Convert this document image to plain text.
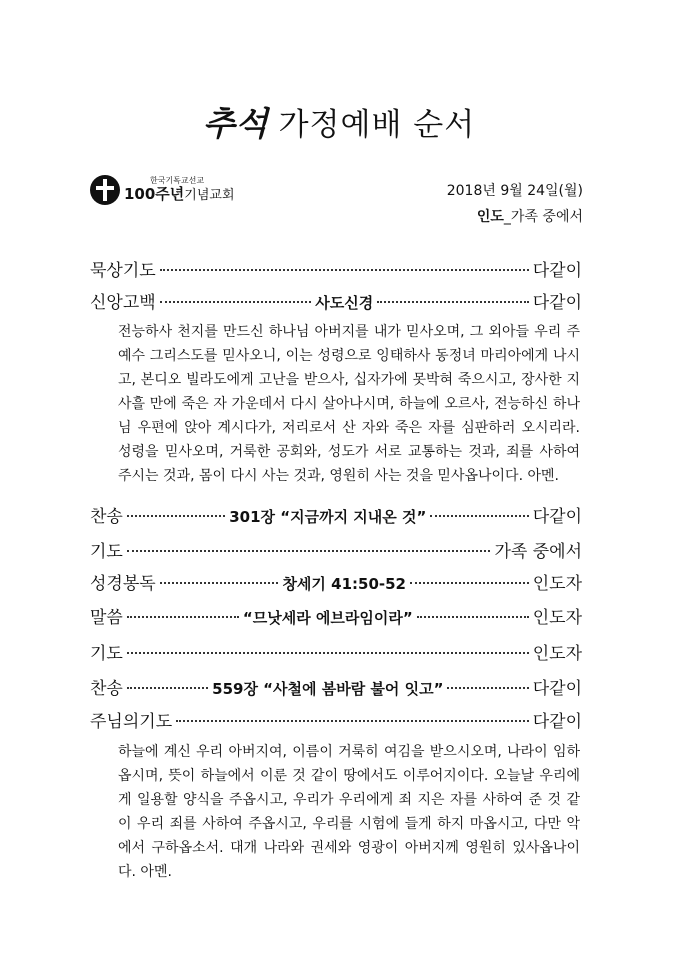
추석 가정예배 순서
한국기독교선교
100주년기념교회	2018년 9월 24일(월)
인도_가족 중에서
묵상기도	다같이
신앙고백	사도신경	다같이
전능하사 천지를 만드신 하나님 아버지를 내가 믿사오며, 그 외아들 우리 주 예수 그리스도를 믿사오니, 이는 성령으로 잉태하사 동정녀 마리아에게 나시고, 본디오 빌라도에게 고난을 받으사, 십자가에 못박혀 죽으시고, 장사한 지 사흘 만에 죽은 자 가운데서 다시 살아나시며, 하늘에 오르사, 전능하신 하나님 우편에 앉아 계시다가, 저리로서 산 자와 죽은 자를 심판하러 오시리라. 성령을 믿사오며, 거룩한 공회와, 성도가 서로 교통하는 것과, 죄를 사하여 주시는 것과, 몸이 다시 사는 것과, 영원히 사는 것을 믿사옵나이다. 아멘.
찬송	301장 “지금까지 지내온 것”	다같이
기도	가족 중에서
성경봉독	창세기 41:50-52	인도자
말씀	“므낫세라 에브라임이라”	인도자
기도	인도자
찬송	559장 “사철에 봄바람 불어 잇고”	다같이
주님의기도	다같이
하늘에 계신 우리 아버지여, 이름이 거룩히 여김을 받으시오며, 나라이 임하옵시며, 뜻이 하늘에서 이룬 것 같이 땅에서도 이루어지이다. 오늘날 우리에게 일용할 양식을 주옵시고, 우리가 우리에게 죄 지은 자를 사하여 준 것 같이 우리 죄를 사하여 주옵시고, 우리를 시험에 들게 하지 마옵시고, 다만 악에서 구하옵소서. 대개 나라와 권세와 영광이 아버지께 영원히 있사옵나이다. 아멘.
